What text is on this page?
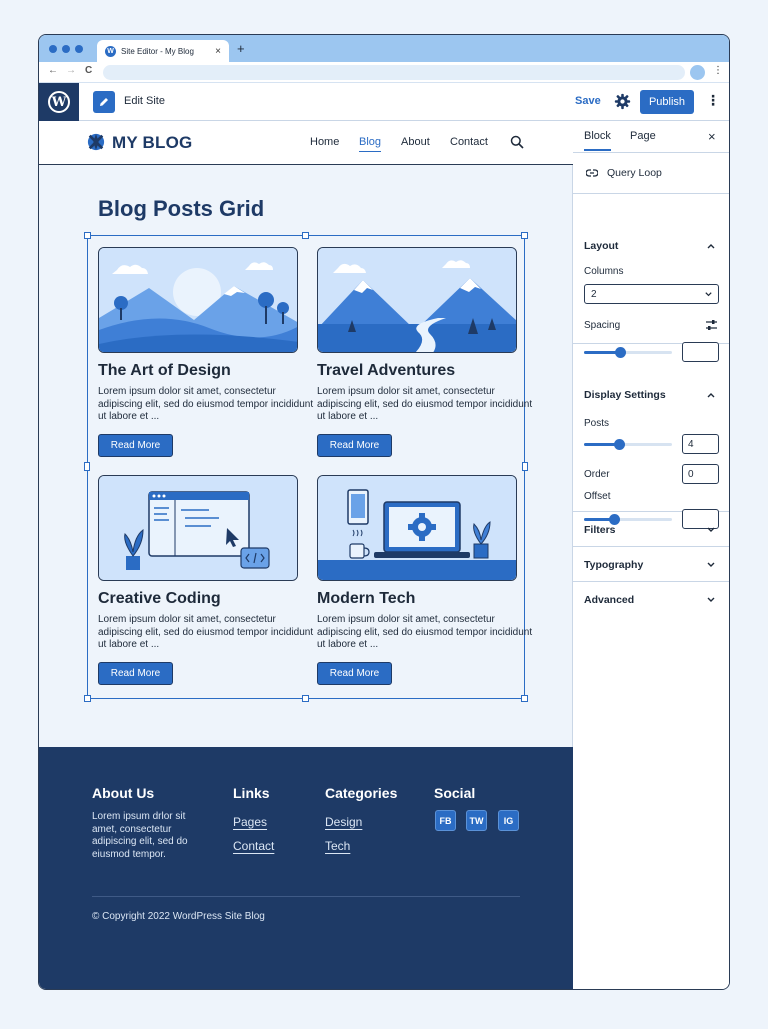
W Site Editor - My Blog × +
← → C	⋮
W	Edit Site	Save	Publish	⋮
MY BLOG	Home Blog About Contact
Blog Posts Grid
The Art of Design
Lorem ipsum dolor sit amet, consectetur adipiscing elit, sed do eiusmod tempor incididunt ut labore et ...
Read More
Travel Adventures
Lorem ipsum dolor sit amet, consectetur adipiscing elit, sed do eiusmod tempor incididunt ut labore et ...
Read More
Creative Coding
Lorem ipsum dolor sit amet, consectetur adipiscing elit, sed do eiusmod tempor incididunt ut labore et ...
Read More
Modern Tech
Lorem ipsum dolor sit amet, consectetur adipiscing elit, sed do eiusmod tempor incididunt ut labore et ...
Read More
About Us
Lorem ipsum drlor sit amet, consectetur adipiscing elit, sed do eiusmod tempor.
Links
Pages
Contact
Categories
Design
Tech
Social
FB	TW	IG
© Copyright 2022 WordPress Site Blog
Block Page	×
Query Loop
Layout
Columns
2
Spacing
Display Settings
Posts
4
Order	0
Offset
Filters
Typography
Advanced
